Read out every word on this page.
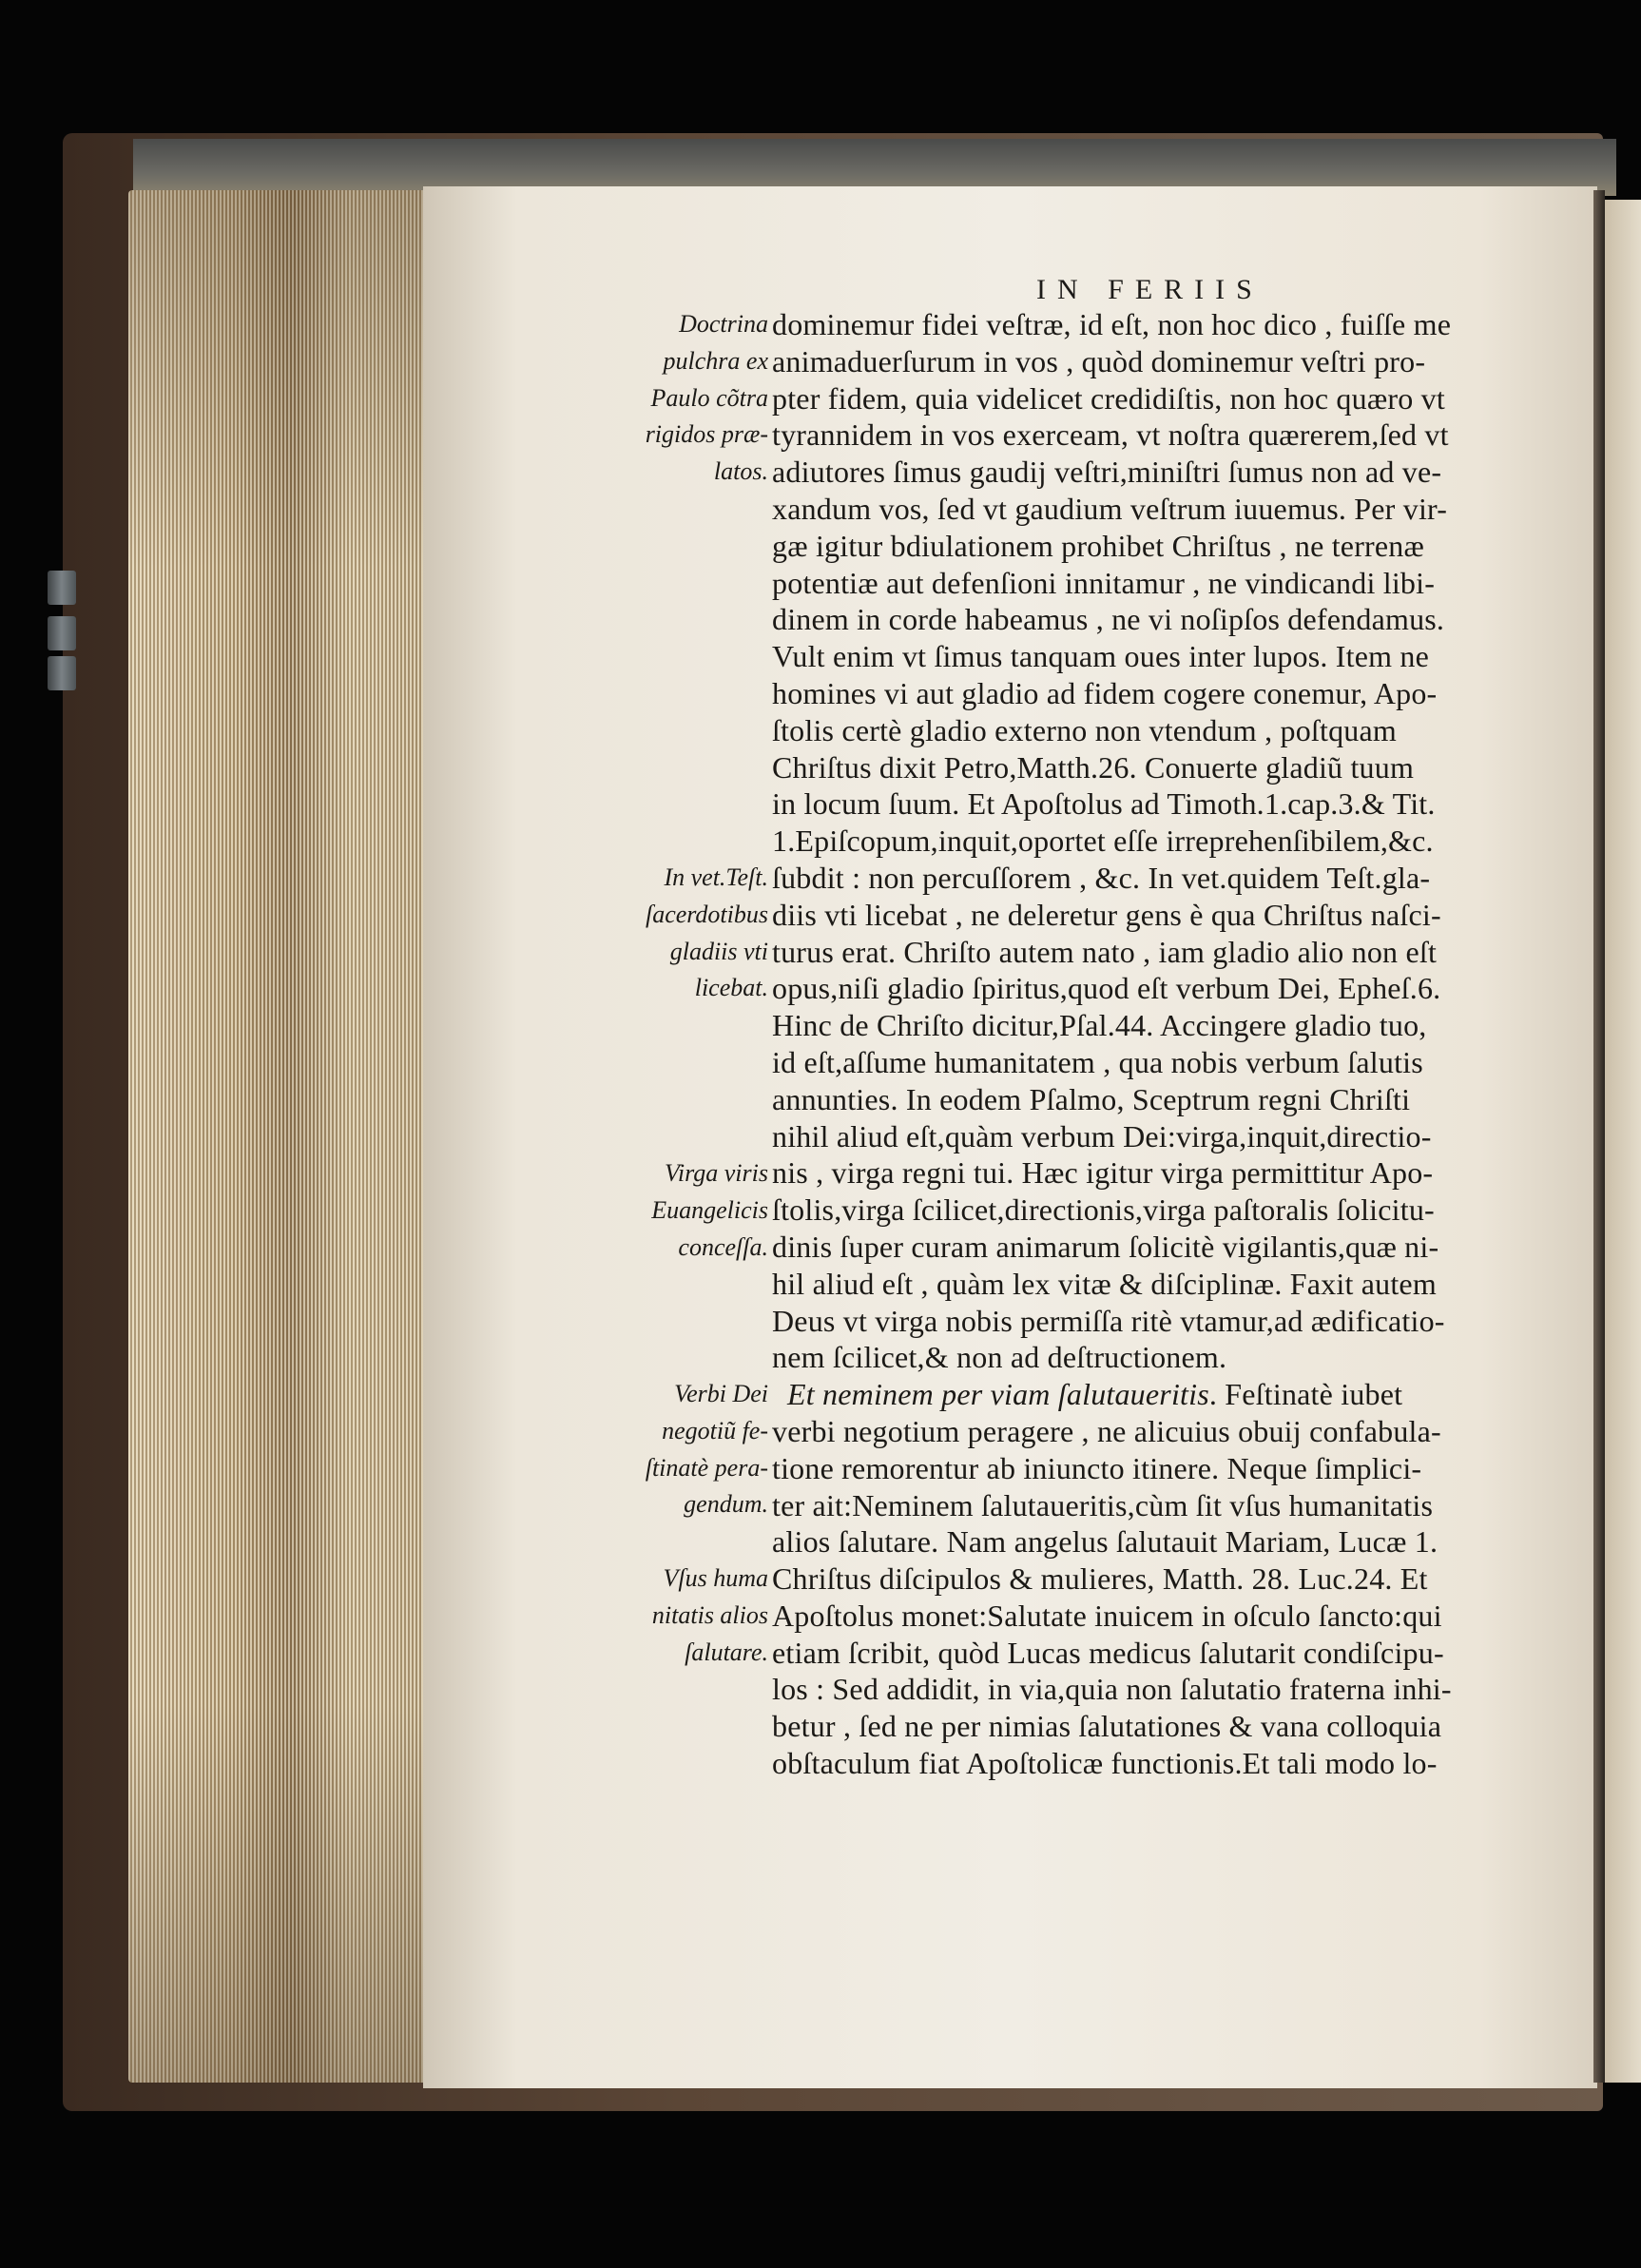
IN FERIIS

dominemur fidei veſtræ, id eſt, non hoc dico , fuiſſe me
animaduerſurum in vos , quòd dominemur veſtri pro-
pter fidem, quia videlicet credidiſtis, non hoc quæro vt
tyrannidem in vos exerceam, vt noſtra quærerem,ſed vt
adiutores ſimus gaudij veſtri,miniſtri ſumus non ad ve-
xandum vos, ſed vt gaudium veſtrum iuuemus. Per vir-
gæ igitur bdiulationem prohibet Chriſtus , ne terrenæ
potentiæ aut defenſioni innitamur , ne vindicandi libi-
dinem in corde habeamus , ne vi noſipſos defendamus.
Vult enim vt ſimus tanquam oues inter lupos. Item ne
homines vi aut gladio ad fidem cogere conemur, Apo-
ſtolis certè gladio externo non vtendum , poſtquam
Chriſtus dixit Petro,Matth.26. Conuerte gladiũ tuum
in locum ſuum. Et Apoſtolus ad Timoth.1.cap.3.& Tit.
1.Epiſcopum,inquit,oportet eſſe irreprehenſibilem,&c.
ſubdit : non percuſſorem , &c. In vet.quidem Teſt.gla-
diis vti licebat , ne deleretur gens è qua Chriſtus naſci-
turus erat. Chriſto autem nato , iam gladio alio non eſt
opus,niſi gladio ſpiritus,quod eſt verbum Dei, Epheſ.6.
Hinc de Chriſto dicitur,Pſal.44. Accingere gladio tuo,
id eſt,aſſume humanitatem , qua nobis verbum ſalutis
annunties. In eodem Pſalmo, Sceptrum regni Chriſti
nihil aliud eſt,quàm verbum Dei:virga,inquit,directio-
nis , virga regni tui. Hæc igitur virga permittitur Apo-
ſtolis,virga ſcilicet,directionis,virga paſtoralis ſolicitu-
dinis ſuper curam animarum ſolicitè vigilantis,quæ ni-
hil aliud eſt , quàm lex vitæ & diſciplinæ. Faxit autem
Deus vt virga nobis permiſſa ritè vtamur,ad ædificatio-
nem ſcilicet,& non ad deſtructionem.
Et neminem per viam ſalutaueritis. Feſtinatè iubet
verbi negotium peragere , ne alicuius obuij confabula-
tione remorentur ab iniuncto itinere. Neque ſimplici-
ter ait:Neminem ſalutaueritis,cùm ſit vſus humanitatis
alios ſalutare. Nam angelus ſalutauit Mariam, Lucæ 1.
Chriſtus diſcipulos & mulieres, Matth. 28. Luc.24. Et
Apoſtolus monet:Salutate inuicem in oſculo ſancto:qui
etiam ſcribit, quòd Lucas medicus ſalutarit condiſcipu-
los : Sed addidit, in via,quia non ſalutatio fraterna inhi-
betur , ſed ne per nimias ſalutationes & vana colloquia
obſtaculum fiat Apoſtolicæ functionis.Et tali modo lo-
Doctrina
pulchra ex
Paulo cõtra
rigidos præ-
latos.
In vet.Teſt.
ſacerdotibus
gladiis vti
licebat.
Virga viris
Euangelicis
conceſſa.
Verbi Dei
negotiũ fe-
ſtinatè pera-
gendum.
Vſus huma
nitatis alios
ſalutare.
